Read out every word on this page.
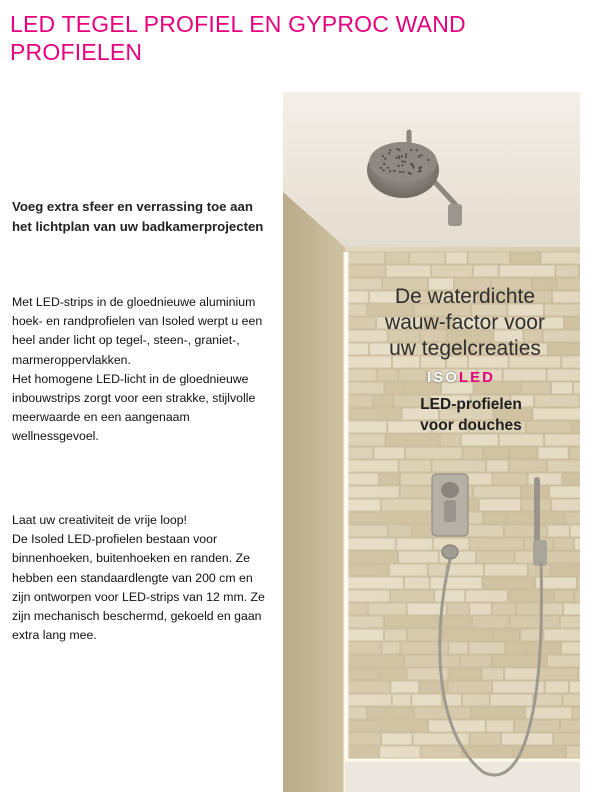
LED TEGEL PROFIEL EN GYPROC WAND PROFIELEN
Voeg extra sfeer en verrassing toe aan
het lichtplan van uw badkamerprojecten
Met LED-strips in de gloednieuwe aluminium
hoek- en randprofielen van Isoled werpt u een
heel ander licht op tegel-, steen-, graniet-,
marmeroppervlakken.
Het homogene LED-licht in de gloednieuwe
inbouwstrips zorgt voor een strakke, stijlvolle
meerwaarde en een aangenaam
wellnessgevoel.
Laat uw creativiteit de vrije loop!
De Isoled LED-profielen bestaan voor
binnenhoeken, buitenhoeken en randen. Ze
hebben een standaardlengte van 200 cm en
zijn ontworpen voor LED-strips van 12 mm. Ze
zijn mechanisch beschermd, gekoeld en gaan
extra lang mee.
De waterdichte
wauw-factor voor
uw tegelcreaties
ISOLED
LED-profielen
voor douches
